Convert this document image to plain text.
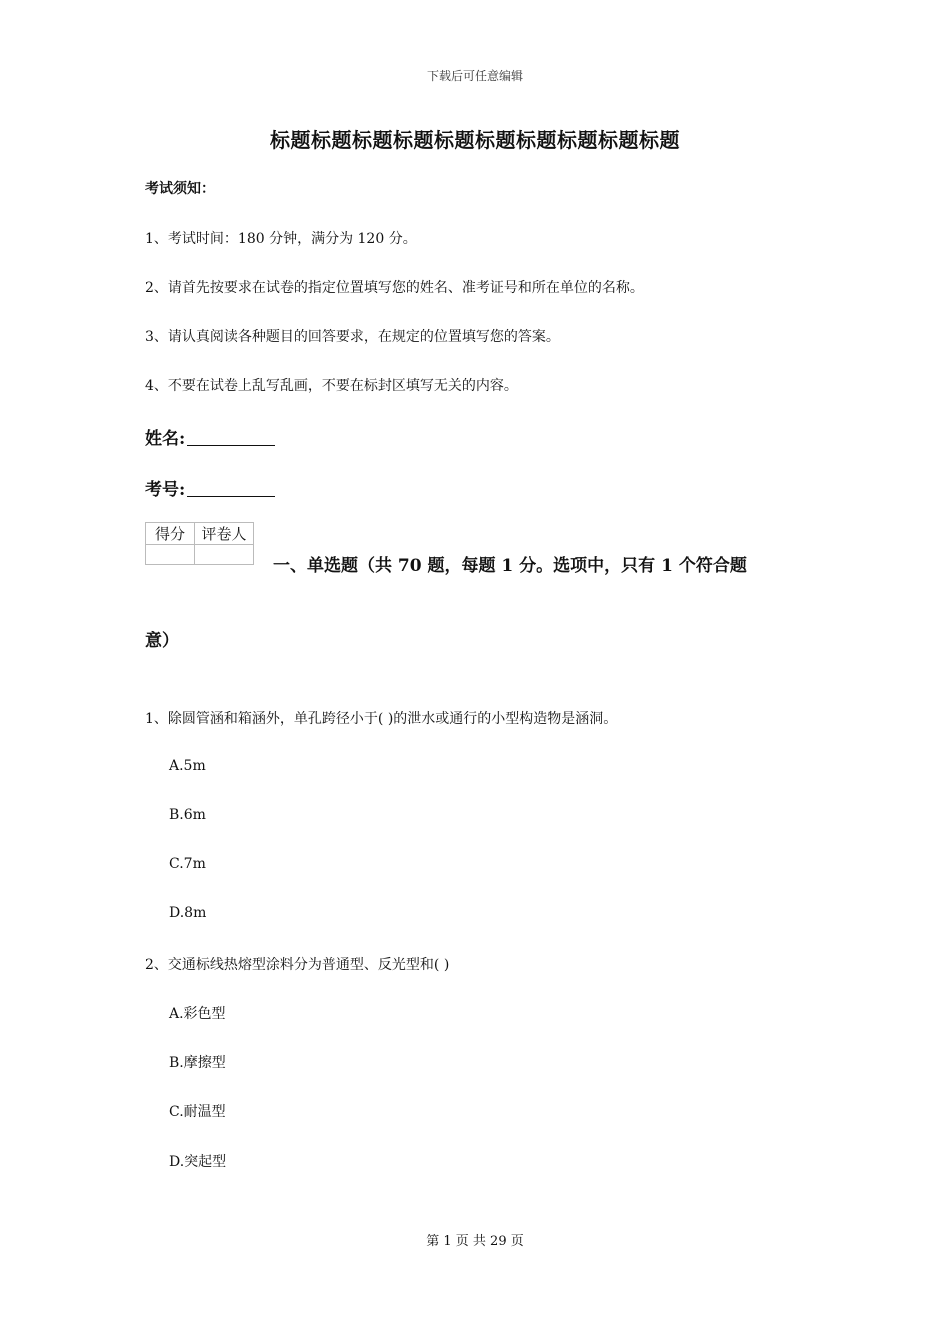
下载后可任意编辑
标题标题标题标题标题标题标题标题标题标题
考试须知：
1、考试时间：180 分钟，满分为 120 分。
2、请首先按要求在试卷的指定位置填写您的姓名、准考证号和所在单位的名称。
3、请认真阅读各种题目的回答要求，在规定的位置填写您的答案。
4、不要在试卷上乱写乱画，不要在标封区填写无关的内容。
姓名:
考号:
得分	评卷人

一、单选题（共 70 题，每题 1 分。选项中，只有 1 个符合题
意）
1、除圆管涵和箱涵外，单孔跨径小于( )的泄水或通行的小型构造物是涵洞。
A.5m
B.6m
C.7m
D.8m
2、交通标线热熔型涂料分为普通型、反光型和( )
A.彩色型
B.摩擦型
C.耐温型
D.突起型
第 1 页 共 29 页
